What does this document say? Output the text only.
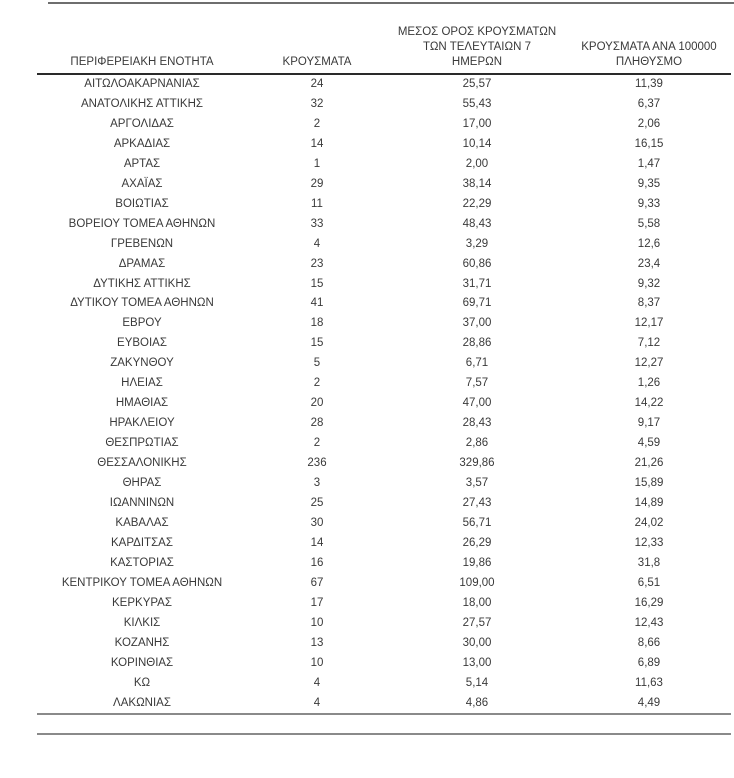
ΠΕΡΙΦΕΡΕΙΑΚΗ ΕΝΟΤΗΤΑ	ΚΡΟΥΣΜΑΤΑ	ΜΕΣΟΣ ΟΡΟΣ ΚΡΟΥΣΜΑΤΩΝ
ΤΩΝ ΤΕΛΕΥΤΑΙΩΝ 7
ΗΜΕΡΩΝ	ΚΡΟΥΣΜΑΤΑ ΑΝΑ 100000
ΠΛΗΘΥΣΜΟ

ΑΙΤΩΛΟΑΚΑΡΝΑΝΙΑΣ	24	25,57	11,39
ΑΝΑΤΟΛΙΚΗΣ ΑΤΤΙΚΗΣ	32	55,43	6,37
ΑΡΓΟΛΙΔΑΣ	2	17,00	2,06
ΑΡΚΑΔΙΑΣ	14	10,14	16,15
ΑΡΤΑΣ	1	2,00	1,47
ΑΧΑΪΑΣ	29	38,14	9,35
ΒΟΙΩΤΙΑΣ	11	22,29	9,33
ΒΟΡΕΙΟΥ ΤΟΜΕΑ ΑΘΗΝΩΝ	33	48,43	5,58
ΓΡΕΒΕΝΩΝ	4	3,29	12,6
ΔΡΑΜΑΣ	23	60,86	23,4
ΔΥΤΙΚΗΣ ΑΤΤΙΚΗΣ	15	31,71	9,32
ΔΥΤΙΚΟΥ ΤΟΜΕΑ ΑΘΗΝΩΝ	41	69,71	8,37
ΕΒΡΟΥ	18	37,00	12,17
ΕΥΒΟΙΑΣ	15	28,86	7,12
ΖΑΚΥΝΘΟΥ	5	6,71	12,27
ΗΛΕΙΑΣ	2	7,57	1,26
ΗΜΑΘΙΑΣ	20	47,00	14,22
ΗΡΑΚΛΕΙΟΥ	28	28,43	9,17
ΘΕΣΠΡΩΤΙΑΣ	2	2,86	4,59
ΘΕΣΣΑΛΟΝΙΚΗΣ	236	329,86	21,26
ΘΗΡΑΣ	3	3,57	15,89
ΙΩΑΝΝΙΝΩΝ	25	27,43	14,89
ΚΑΒΑΛΑΣ	30	56,71	24,02
ΚΑΡΔΙΤΣΑΣ	14	26,29	12,33
ΚΑΣΤΟΡΙΑΣ	16	19,86	31,8
ΚΕΝΤΡΙΚΟΥ ΤΟΜΕΑ ΑΘΗΝΩΝ	67	109,00	6,51
ΚΕΡΚΥΡΑΣ	17	18,00	16,29
ΚΙΛΚΙΣ	10	27,57	12,43
ΚΟΖΑΝΗΣ	13	30,00	8,66
ΚΟΡΙΝΘΙΑΣ	10	13,00	6,89
ΚΩ	4	5,14	11,63
ΛΑΚΩΝΙΑΣ	4	4,86	4,49
